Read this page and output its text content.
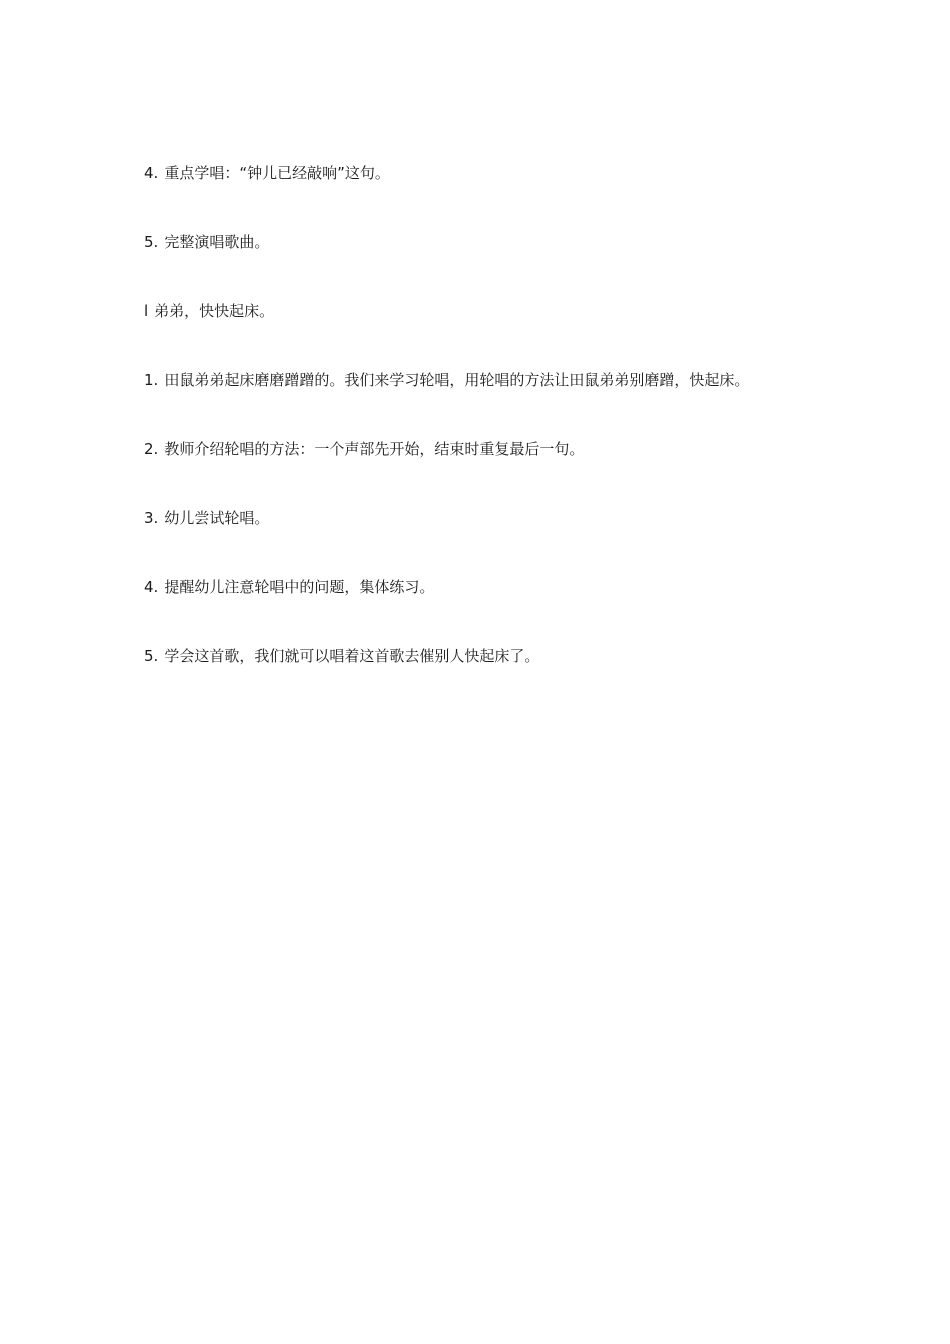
4. 重点学唱：“钟儿已经敲响”这句。

5. 完整演唱歌曲。

l 弟弟，快快起床。

1. 田鼠弟弟起床磨磨蹭蹭的。我们来学习轮唱，用轮唱的方法让田鼠弟弟别磨蹭，快起床。

2. 教师介绍轮唱的方法：一个声部先开始，结束时重复最后一句。

3. 幼儿尝试轮唱。

4. 提醒幼儿注意轮唱中的问题，集体练习。

5. 学会这首歌，我们就可以唱着这首歌去催别人快起床了。
